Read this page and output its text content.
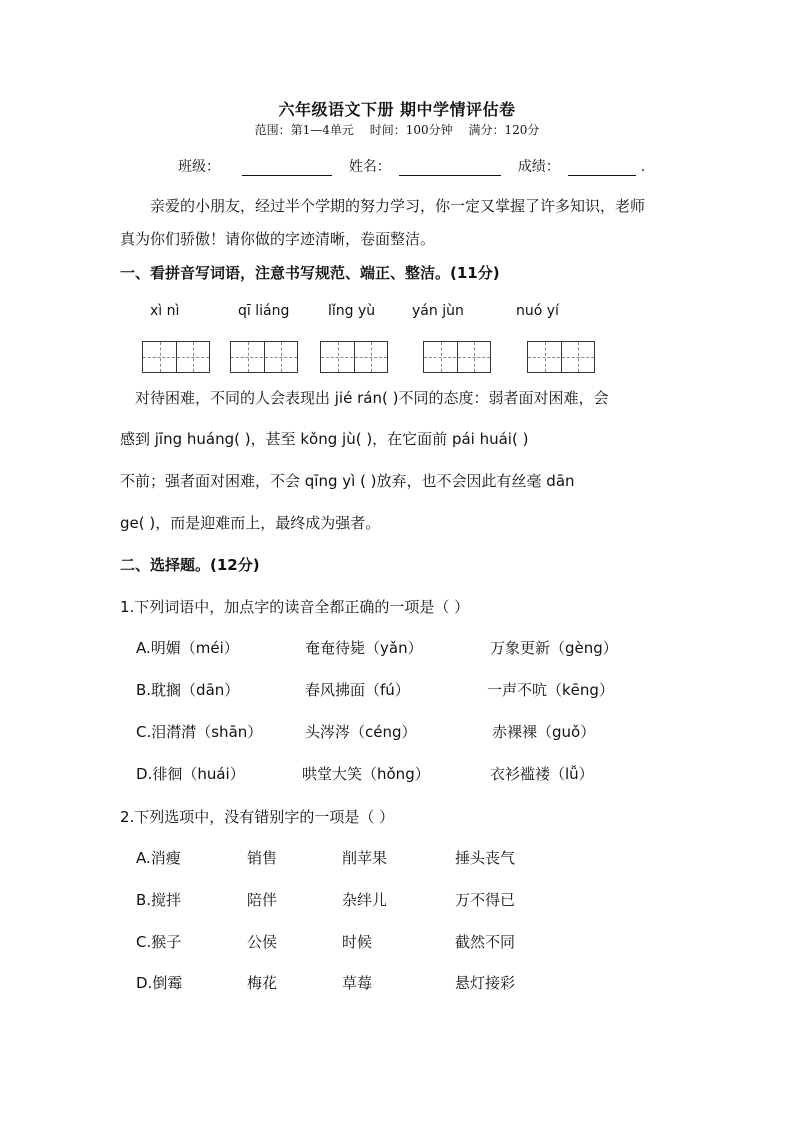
六年级语文下册 期中学情评估卷
范围：第1—4单元 时间：100分钟 满分：120分
班级：	姓名：	成绩：	.
亲爱的小朋友，经过半个学期的努力学习，你一定又掌握了许多知识，老师
真为你们骄傲！请你做的字迹清晰，卷面整洁。
一、看拼音写词语，注意书写规范、端正、整洁。(11分)
xì nì	qī liáng	lǐng yù	yán jùn	nuó yí
对待困难，不同的人会表现出 jié rán( )不同的态度：弱者面对困难，会
感到 jīng huáng( )，甚至 kǒng jù( )，在它面前 pái huái( )
不前；强者面对困难，不会 qīng yì ( )放弃，也不会因此有丝毫 dān
ge( )，而是迎难而上，最终成为强者。
二、选择题。(12分)
1.下列词语中，加点字的读音全都正确的一项是（ ）
A.明媚（méi）	奄奄待毙（yǎn）	万象更新（gèng）
B.耽搁（dān）	春风拂面（fú）	一声不吭（kēng）
C.泪潸潸（shān）	头涔涔（céng）	赤裸裸（guǒ）
D.徘徊（huái）	哄堂大笑（hǒng）	衣衫褴褛（lǚ）
2.下列选项中，没有错别字的一项是（ ）
A.消瘦	销售	削苹果	捶头丧气
B.搅拌	陪伴	杂绊儿	万不得已
C.猴子	公侯	时候	截然不同
D.倒霉	梅花	草莓	悬灯接彩
